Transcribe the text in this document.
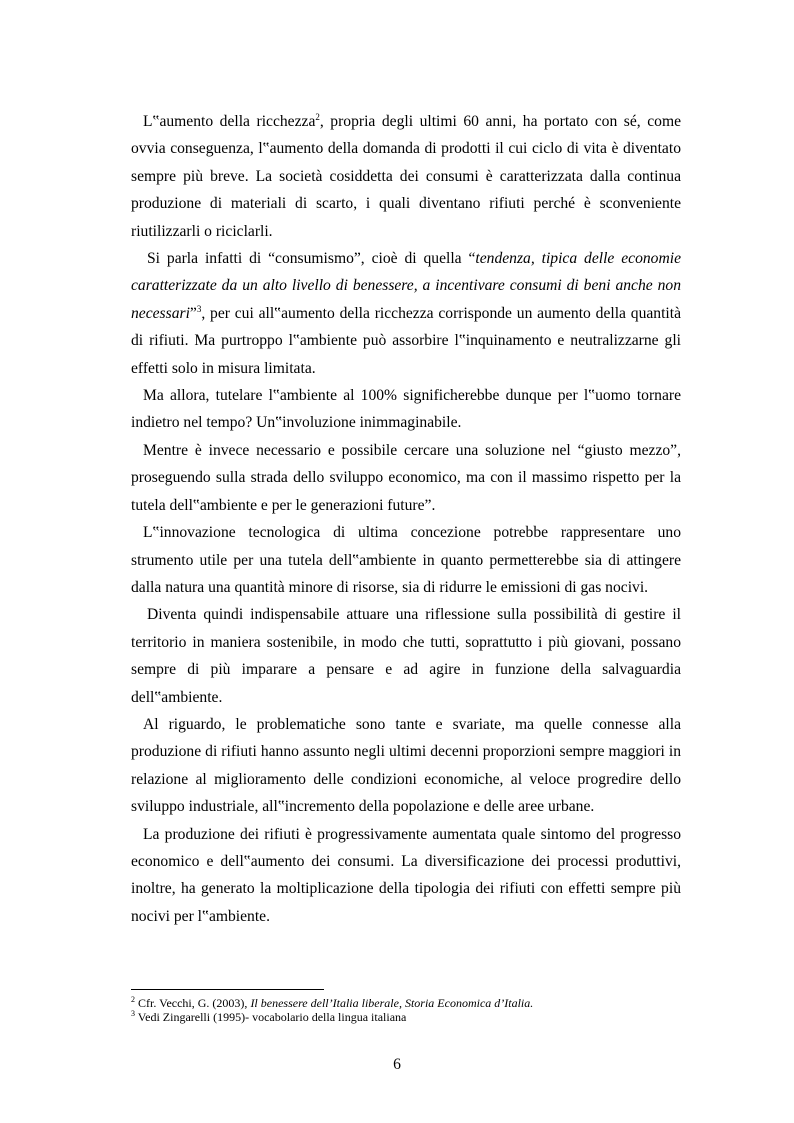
L‟aumento della ricchezza$^2$, propria degli ultimi 60 anni, ha portato con sé, come ovvia conseguenza, l‟aumento della domanda di prodotti il cui ciclo di vita è diventato sempre più breve. La società cosiddetta dei consumi è caratterizzata dalla continua produzione di materiali di scarto, i quali diventano rifiuti perché è sconveniente riutilizzarli o riciclarli.

Si parla infatti di “consumismo”, cioè di quella “tendenza, tipica delle economie caratterizzate da un alto livello di benessere, a incentivare consumi di beni anche non necessari”$^3$, per cui all‟aumento della ricchezza corrisponde un aumento della quantità di rifiuti. Ma purtroppo l‟ambiente può assorbire l‟inquinamento e neutralizzarne gli effetti solo in misura limitata.

Ma allora, tutelare l‟ambiente al 100% significherebbe dunque per l‟uomo tornare indietro nel tempo? Un‟involuzione inimmaginabile.

Mentre è invece necessario e possibile cercare una soluzione nel “giusto mezzo”, proseguendo sulla strada dello sviluppo economico, ma con il massimo rispetto per la tutela dell‟ambiente e per le generazioni future”.

L‟innovazione tecnologica di ultima concezione potrebbe rappresentare uno strumento utile per una tutela dell‟ambiente in quanto permetterebbe sia di attingere dalla natura una quantità minore di risorse, sia di ridurre le emissioni di gas nocivi.

Diventa quindi indispensabile attuare una riflessione sulla possibilità di gestire il territorio in maniera sostenibile, in modo che tutti, soprattutto i più giovani, possano sempre di più imparare a pensare e ad agire in funzione della salvaguardia dell‟ambiente.

Al riguardo, le problematiche sono tante e svariate, ma quelle connesse alla produzione di rifiuti hanno assunto negli ultimi decenni proporzioni sempre maggiori in relazione al miglioramento delle condizioni economiche, al veloce progredire dello sviluppo industriale, all‟incremento della popolazione e delle aree urbane.

La produzione dei rifiuti è progressivamente aumentata quale sintomo del progresso economico e dell‟aumento dei consumi. La diversificazione dei processi produttivi, inoltre, ha generato la moltiplicazione della tipologia dei rifiuti con effetti sempre più nocivi per l‟ambiente.

$^2$ Cfr. Vecchi, G. (2003), Il benessere dell’Italia liberale, Storia Economica d’Italia.

$^3$ Vedi Zingarelli (1995)- vocabolario della lingua italiana

6
